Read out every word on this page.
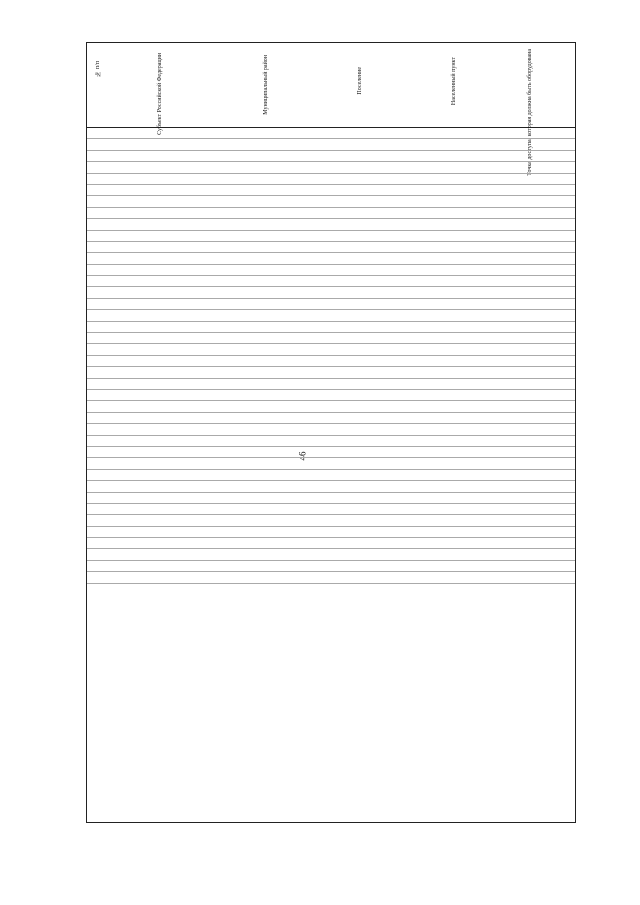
46
№ п/п	Субъект Российской Федерации	Муниципальный район	Поселение	Населенный пункт	Точка доступа, которая должна быть оборудована
